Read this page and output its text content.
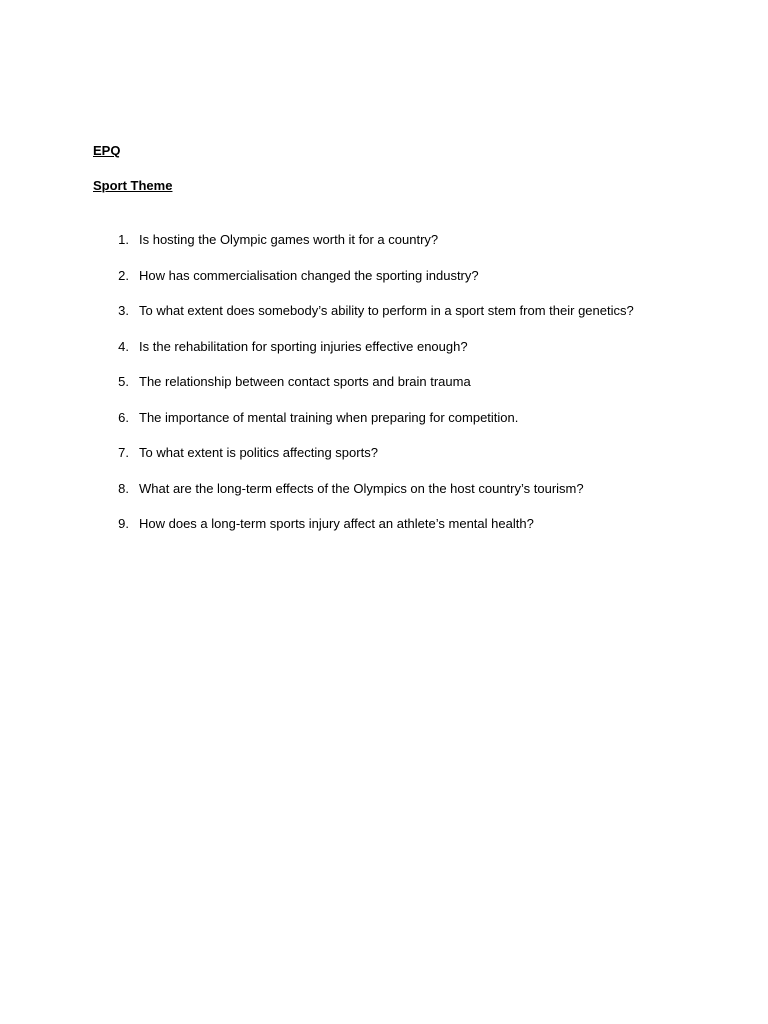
EPQ
Sport Theme
1. Is hosting the Olympic games worth it for a country?
2. How has commercialisation changed the sporting industry?
3. To what extent does somebody’s ability to perform in a sport stem from their genetics?
4. Is the rehabilitation for sporting injuries effective enough?
5. The relationship between contact sports and brain trauma
6. The importance of mental training when preparing for competition.
7. To what extent is politics affecting sports?
8. What are the long-term effects of the Olympics on the host country’s tourism?
9. How does a long-term sports injury affect an athlete’s mental health?
